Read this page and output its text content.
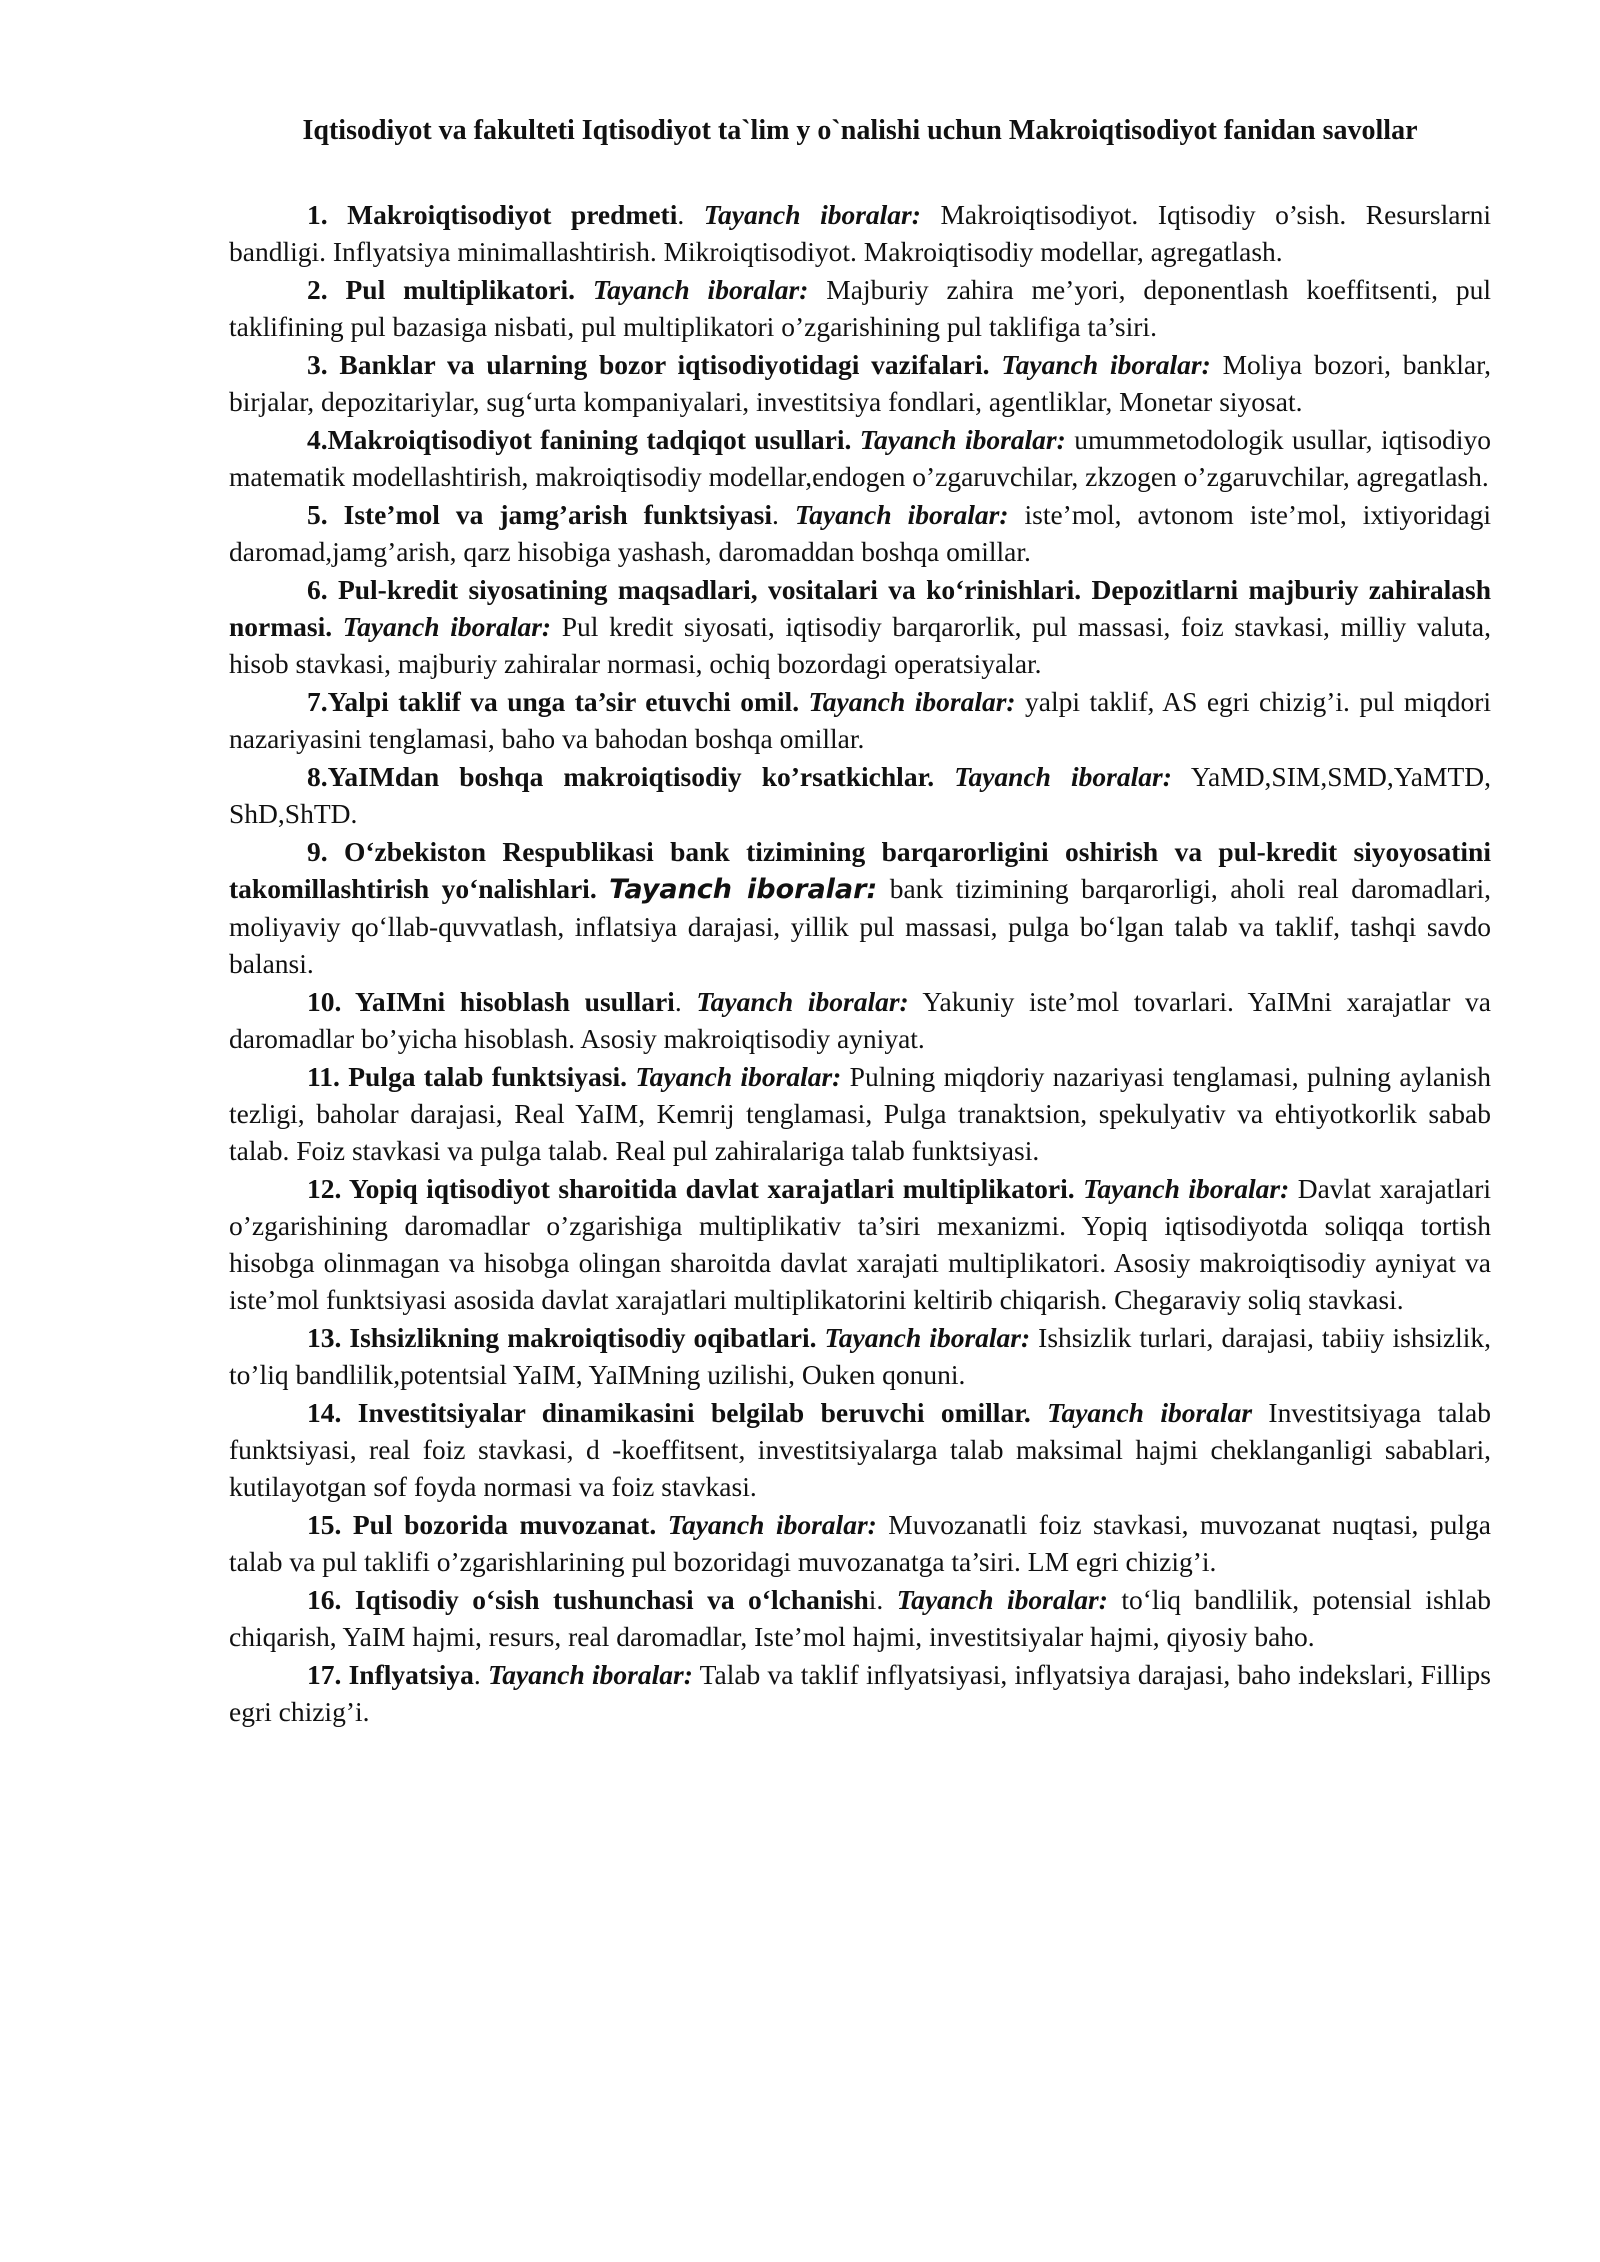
Iqtisodiyot va fakulteti Iqtisodiyot ta`lim y o`nalishi uchun Makroiqtisodiyot fanidan savollar
1. Makroiqtisodiyot predmeti. Tayanch iboralar: Makroiqtisodiyot. Iqtisodiy o’sish. Resurslarni bandligi. Inflyatsiya minimallashtirish. Mikroiqtisodiyot. Makroiqtisodiy modellar, agregatlash.
2. Pul multiplikatori. Tayanch iboralar: Majburiy zahira me’yori, deponentlash koeffitsenti, pul taklifining pul bazasiga nisbati, pul multiplikatori o’zgarishining pul taklifiga ta’siri.
3. Banklar va ularning bozor iqtisodiyotidagi vazifalari. Tayanch iboralar: Moliya bozori, banklar, birjalar, depozitariylar, sug‘urta kompaniyalari, investitsiya fondlari, agentliklar, Monetar siyosat.
4.Makroiqtisodiyot fanining tadqiqot usullari. Tayanch iboralar: umummetodologik usullar, iqtisodiyo matematik modellashtirish, makroiqtisodiy modellar,endogen o’zgaruvchilar, zkzogen o’zgaruvchilar, agregatlash.
5. Iste’mol va jamg’arish funktsiyasi. Tayanch iboralar: iste’mol, avtonom iste’mol, ixtiyoridagi daromad,jamg’arish, qarz hisobiga yashash, daromaddan boshqa omillar.
6. Pul-kredit siyosatining maqsadlari, vositalari va ko‘rinishlari. Depozitlarni majburiy zahiralash normasi. Tayanch iboralar: Pul kredit siyosati, iqtisodiy barqarorlik, pul massasi, foiz stavkasi, milliy valuta, hisob stavkasi, majburiy zahiralar normasi, ochiq bozordagi operatsiyalar.
7.Yalpi taklif va unga ta’sir etuvchi omil. Tayanch iboralar: yalpi taklif, AS egri chizig’i. pul miqdori nazariyasini tenglamasi, baho va bahodan boshqa omillar.
8.YaIMdan boshqa makroiqtisodiy ko’rsatkichlar. Tayanch iboralar: YaMD,SIM,SMD,YaMTD, ShD,ShTD.
9. O‘zbekiston Respublikasi bank tizimining barqarorligini oshirish va pul-kredit siyoyosatini takomillashtirish yo‘nalishlari. Tayanch iboralar: bank tizimining barqarorligi, aholi real daromadlari, moliyaviy qo‘llab-quvvatlash, inflatsiya darajasi, yillik pul massasi, pulga bo‘lgan talab va taklif, tashqi savdo balansi.
10. YaIMni hisoblash usullari. Tayanch iboralar: Yakuniy iste’mol tovarlari. YaIMni xarajatlar va daromadlar bo’yicha hisoblash. Asosiy makroiqtisodiy ayniyat.
11. Pulga talab funktsiyasi. Tayanch iboralar: Pulning miqdoriy nazariyasi tenglamasi, pulning aylanish tezligi, baholar darajasi, Real YaIM, Kemrij tenglamasi, Pulga tranaktsion, spekulyativ va ehtiyotkorlik sabab talab. Foiz stavkasi va pulga talab. Real pul zahiralariga talab funktsiyasi.
12. Yopiq iqtisodiyot sharoitida davlat xarajatlari multiplikatori. Tayanch iboralar: Davlat xarajatlari o’zgarishining daromadlar o’zgarishiga multiplikativ ta’siri mexanizmi. Yopiq iqtisodiyotda soliqqa tortish hisobga olinmagan va hisobga olingan sharoitda davlat xarajati multiplikatori. Asosiy makroiqtisodiy ayniyat va iste’mol funktsiyasi asosida davlat xarajatlari multiplikatorini keltirib chiqarish. Chegaraviy soliq stavkasi.
13. Ishsizlikning makroiqtisodiy oqibatlari. Tayanch iboralar: Ishsizlik turlari, darajasi, tabiiy ishsizlik, to’liq bandlilik,potentsial YaIM, YaIMning uzilishi, Ouken qonuni.
14. Investitsiyalar dinamikasini belgilab beruvchi omillar. Tayanch iboralar Investitsiyaga talab funktsiyasi, real foiz stavkasi, d -koeffitsent, investitsiyalarga talab maksimal hajmi cheklanganligi sabablari, kutilayotgan sof foyda normasi va foiz stavkasi.
15. Pul bozorida muvozanat. Tayanch iboralar: Muvozanatli foiz stavkasi, muvozanat nuqtasi, pulga talab va pul taklifi o’zgarishlarining pul bozoridagi muvozanatga ta’siri. LM egri chizig’i.
16. Iqtisodiy o‘sish tushunchasi va o‘lchanishi. Tayanch iboralar: to‘liq bandlilik, potensial ishlab chiqarish, YaIM hajmi, resurs, real daromadlar, Iste’mol hajmi, investitsiyalar hajmi, qiyosiy baho.
17. Inflyatsiya. Tayanch iboralar: Talab va taklif inflyatsiyasi, inflyatsiya darajasi, baho indekslari, Fillips egri chizig’i.
